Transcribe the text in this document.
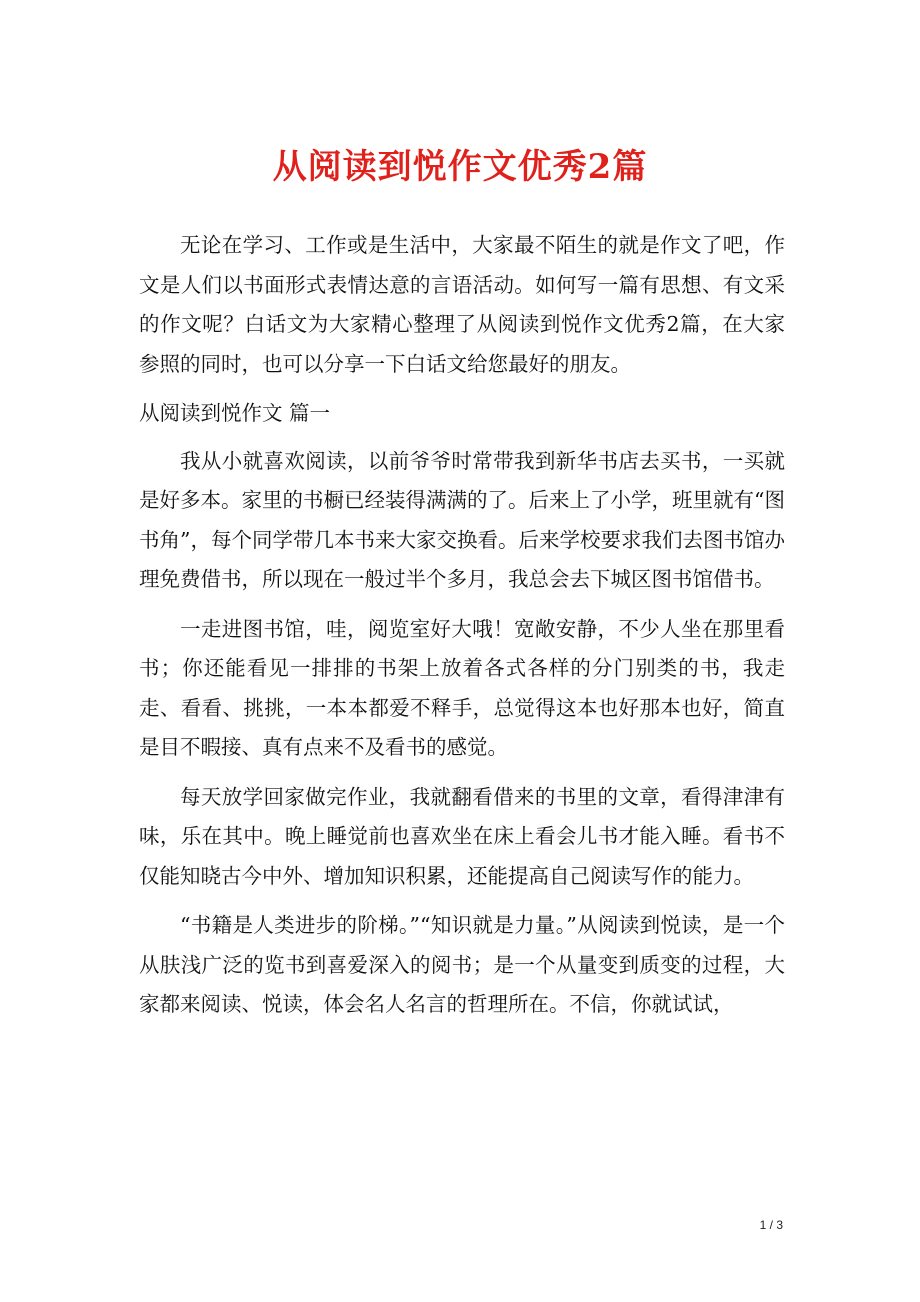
从阅读到悦作文优秀2篇

无论在学习、工作或是生活中，大家最不陌生的就是作文了吧，作文是人们以书面形式表情达意的言语活动。如何写一篇有思想、有文采的作文呢？白话文为大家精心整理了从阅读到悦作文优秀2篇，在大家参照的同时，也可以分享一下白话文给您最好的朋友。

从阅读到悦作文 篇一

我从小就喜欢阅读，以前爷爷时常带我到新华书店去买书，一买就是好多本。家里的书橱已经装得满满的了。后来上了小学，班里就有“图书角”，每个同学带几本书来大家交换看。后来学校要求我们去图书馆办理免费借书，所以现在一般过半个多月，我总会去下城区图书馆借书。

一走进图书馆，哇，阅览室好大哦！宽敞安静，不少人坐在那里看书；你还能看见一排排的书架上放着各式各样的分门别类的书，我走走、看看、挑挑，一本本都爱不释手，总觉得这本也好那本也好，简直是目不暇接、真有点来不及看书的感觉。

每天放学回家做完作业，我就翻看借来的书里的文章，看得津津有味，乐在其中。晚上睡觉前也喜欢坐在床上看会儿书才能入睡。看书不仅能知晓古今中外、增加知识积累，还能提高自己阅读写作的能力。

“书籍是人类进步的阶梯。”“知识就是力量。”从阅读到悦读，是一个从肤浅广泛的览书到喜爱深入的阅书；是一个从量变到质变的过程，大家都来阅读、悦读，体会名人名言的哲理所在。不信，你就试试，

1 / 3
